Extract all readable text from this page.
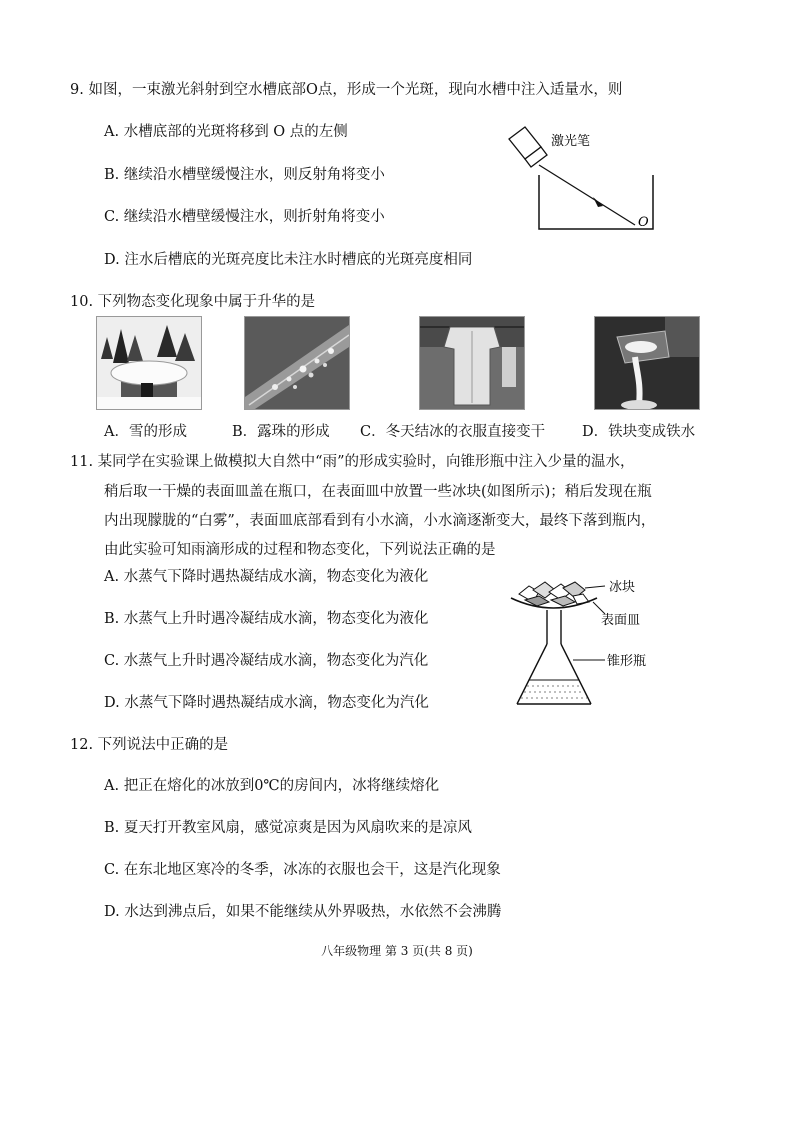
9. 如图，一束激光斜射到空水槽底部O点，形成一个光斑，现向水槽中注入适量水，则
A. 水槽底部的光斑将移到 O 点的左侧
B. 继续沿水槽壁缓慢注水，则反射角将变小
C. 继续沿水槽壁缓慢注水，则折射角将变小
D. 注水后槽底的光斑亮度比未注水时槽底的光斑亮度相同
激光笔
O
10. 下列物态变化现象中属于升华的是
A．雪的形成	B．露珠的形成 C．冬天结冰的衣服直接变干	D．铁块变成铁水
11. 某同学在实验课上做模拟大自然中“雨”的形成实验时，向锥形瓶中注入少量的温水，
稍后取一干燥的表面皿盖在瓶口，在表面皿中放置一些冰块(如图所示)；稍后发现在瓶
内出现朦胧的“白雾”，表面皿底部看到有小水滴，小水滴逐渐变大，最终下落到瓶内，
由此实验可知雨滴形成的过程和物态变化，下列说法正确的是
A. 水蒸气下降时遇热凝结成水滴，物态变化为液化
B. 水蒸气上升时遇冷凝结成水滴，物态变化为液化
C. 水蒸气上升时遇冷凝结成水滴，物态变化为汽化
D. 水蒸气下降时遇热凝结成水滴，物态变化为汽化
冰块
表面皿
锥形瓶
12. 下列说法中正确的是
A. 把正在熔化的冰放到0℃的房间内，冰将继续熔化
B. 夏天打开教室风扇，感觉凉爽是因为风扇吹来的是凉风
C. 在东北地区寒冷的冬季，冰冻的衣服也会干，这是汽化现象
D. 水达到沸点后，如果不能继续从外界吸热，水依然不会沸腾
八年级物理 第 3 页(共 8 页)
